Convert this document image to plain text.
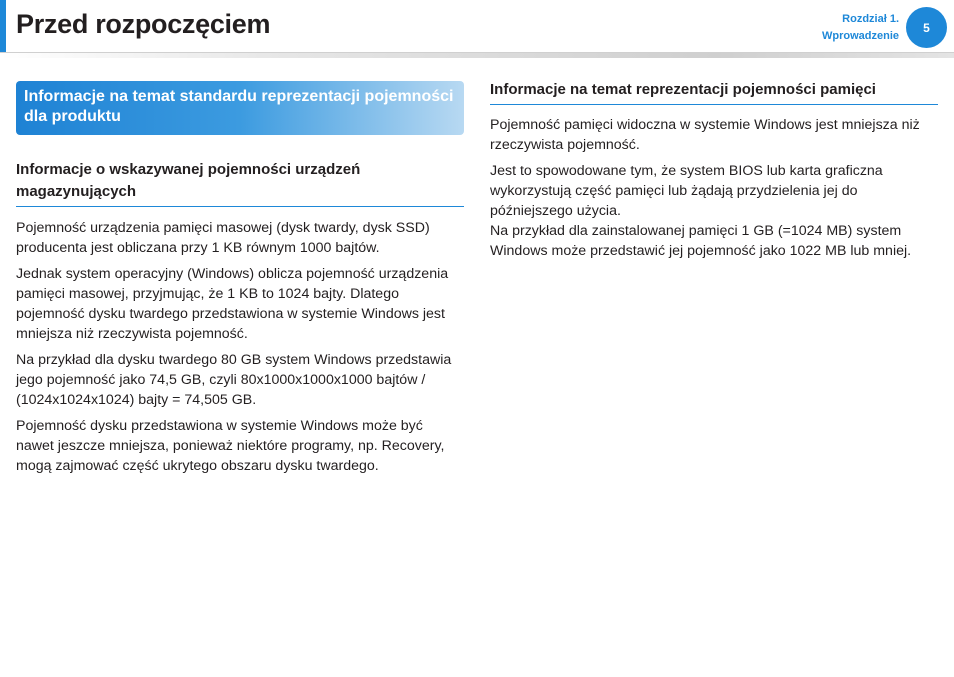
Przed rozpoczęciem	Rozdział 1.
Wprowadzenie
5
Informacje na temat standardu reprezentacji pojemności dla produktu
Informacje o wskazywanej pojemności urządzeń magazynujących

Pojemność urządzenia pamięci masowej (dysk twardy, dysk SSD) producenta jest obliczana przy 1 KB równym 1000 bajtów.

Jednak system operacyjny (Windows) oblicza pojemność urządzenia pamięci masowej, przyjmując, że 1 KB to 1024 bajty. Dlatego pojemność dysku twardego przedstawiona w systemie Windows jest mniejsza niż rzeczywista pojemność.

Na przykład dla dysku twardego 80 GB system Windows przedstawia jego pojemność jako 74,5 GB, czyli 80x1000x1000x1000 bajtów / (1024x1024x1024) bajty = 74,505 GB.

Pojemność dysku przedstawiona w systemie Windows może być nawet jeszcze mniejsza, ponieważ niektóre programy, np. Recovery, mogą zajmować część ukrytego obszaru dysku twardego.

Informacje na temat reprezentacji pojemności pamięci

Pojemność pamięci widoczna w systemie Windows jest mniejsza niż rzeczywista pojemność.

Jest to spowodowane tym, że system BIOS lub karta graficzna wykorzystują część pamięci lub żądają przydzielenia jej do późniejszego użycia.

Na przykład dla zainstalowanej pamięci 1 GB (=1024 MB) system Windows może przedstawić jej pojemność jako 1022 MB lub mniej.
